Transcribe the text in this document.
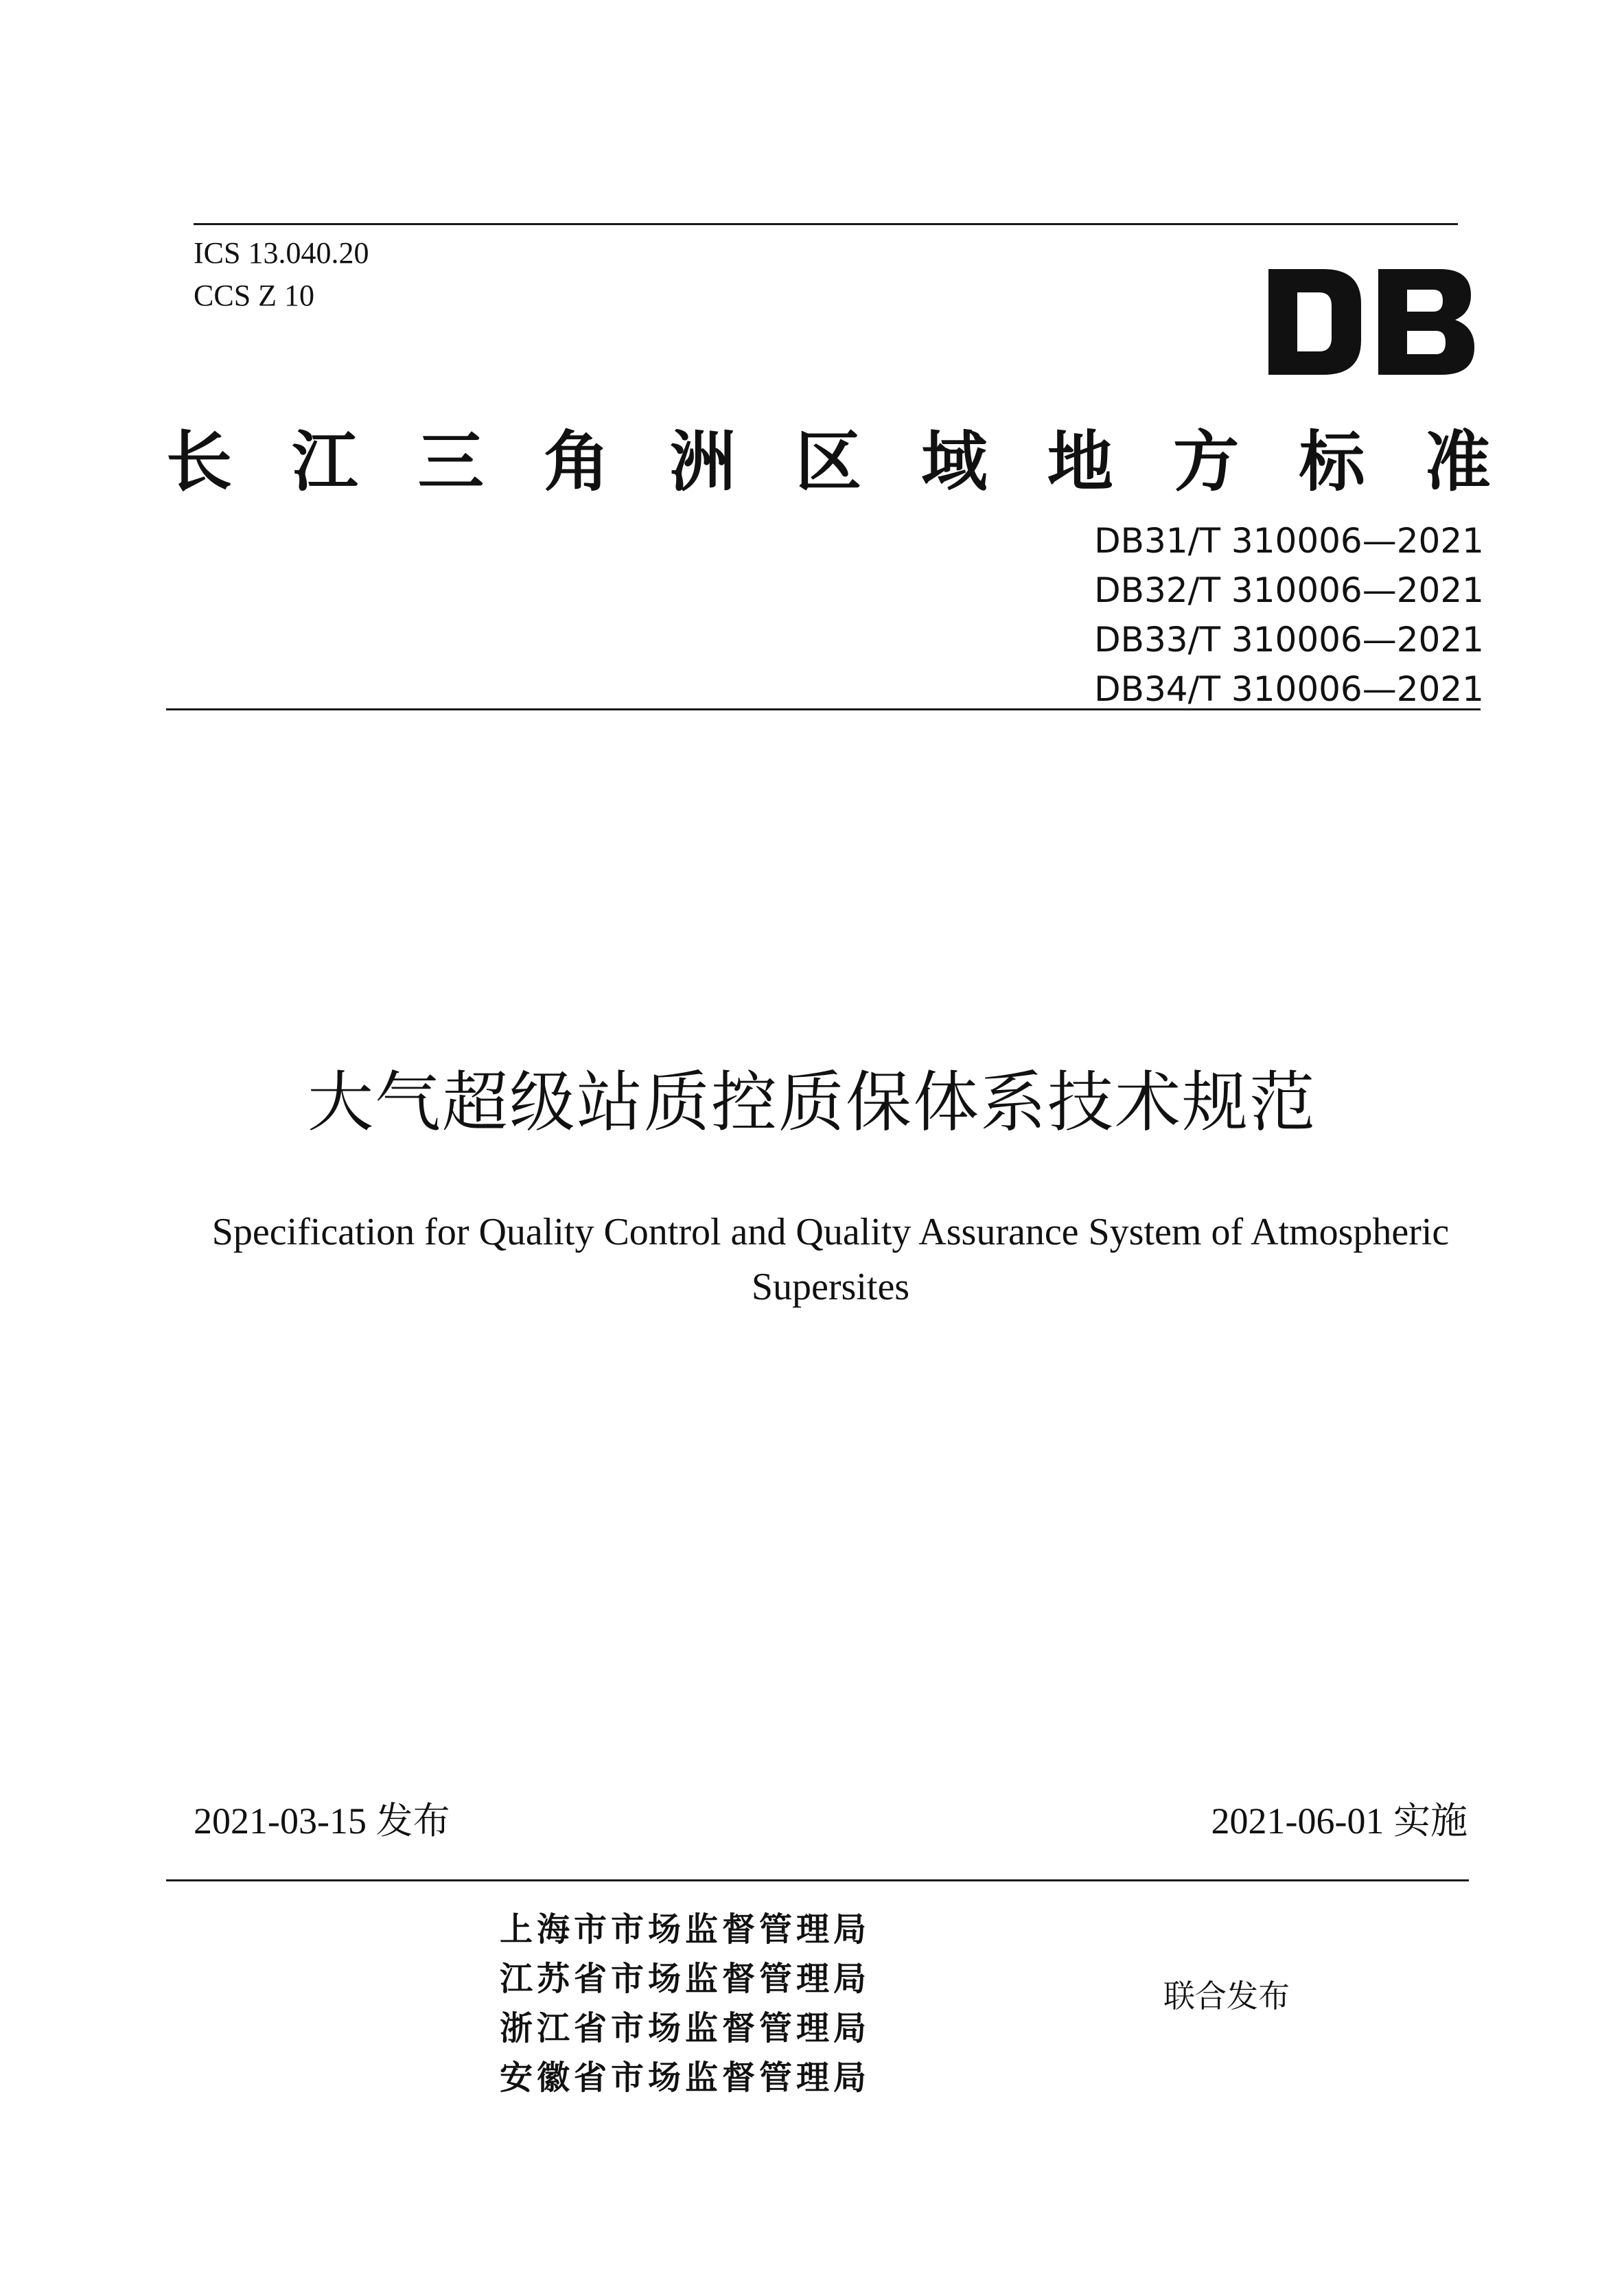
ICS 13.040.20
CCS Z 10
长 江 三 角 洲 区 域 地 方 标 准
DB31/T 310006—2021
DB32/T 310006—2021
DB33/T 310006—2021
DB34/T 310006—2021
大气超级站质控质保体系技术规范
Specification for Quality Control and Quality Assurance System of Atmospheric Supersites
2021-03-15 发布	2021-06-01 实施
上海市市场监督管理局
江苏省市场监督管理局
浙江省市场监督管理局
安徽省市场监督管理局
联合发布
